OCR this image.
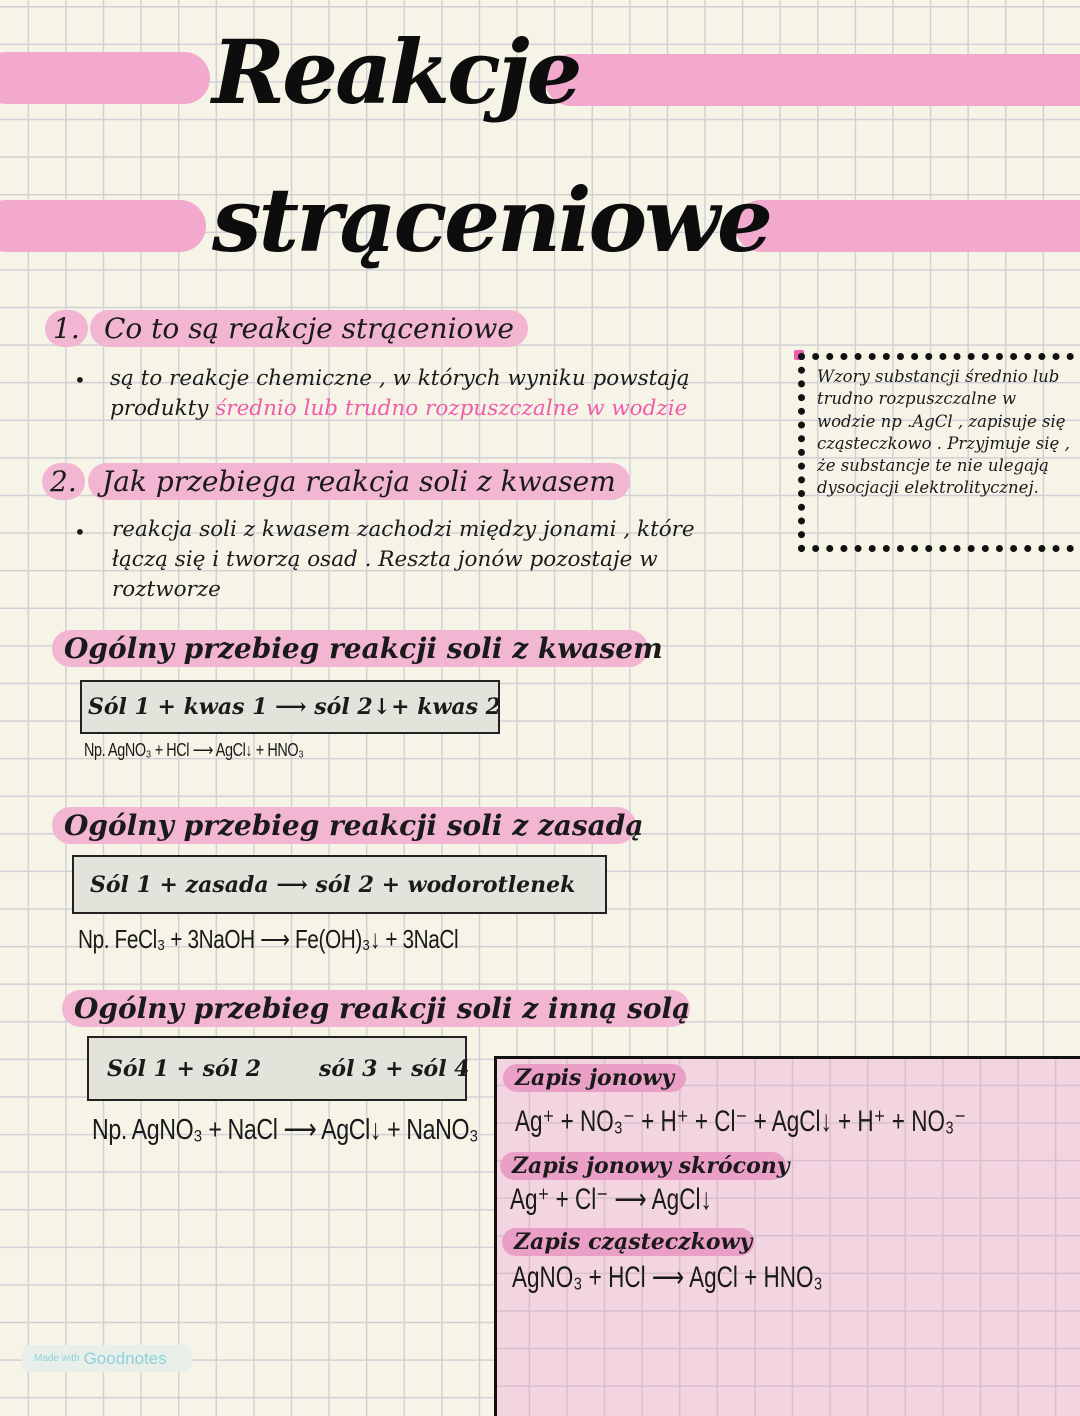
Reakcje
strąceniowe
1. Co to są reakcje strąceniowe
• są to reakcje chemiczne , w których wyniku powstają
produkty średnio lub trudno rozpuszczalne w wodzie
2. Jak przebiega reakcja soli z kwasem
• reakcja soli z kwasem zachodzi między jonami , które łączą się i tworzą osad . Reszta jonów pozostaje w roztworze
Wzory substancji średnio lub trudno rozpuszczalne w wodzie np .AgCl , zapisuje się cząsteczkowo . Przyjmuje się , że substancje te nie ulegają dysocjacji elektrolitycznej.
Ogólny przebieg reakcji soli z kwasem
Sól 1 + kwas 1 ⟶ sól 2↓+ kwas 2
Np. AgNO₃ + HCl ⟶ AgCl↓ + HNO₃
Ogólny przebieg reakcji soli z zasadą
Sól 1 + zasada ⟶ sól 2 + wodorotlenek
Np. FeCl₃ + 3NaOH ⟶ Fe(OH)₃↓ + 3NaCl
Ogólny przebieg reakcji soli z inną solą
Sól 1 + sól 2	sól 3 + sól 4
Np. AgNO₃ + NaCl ⟶ AgCl↓ + NaNO₃
Zapis jonowy
Ag⁺ + NO₃⁻ + H⁺ + Cl⁻ + AgCl↓ + H⁺ + NO₃⁻
Zapis jonowy skrócony
Ag⁺ + Cl⁻ ⟶ AgCl↓
Zapis cząsteczkowy
AgNO₃ + HCl ⟶ AgCl + HNO₃
Made with Goodnotes
